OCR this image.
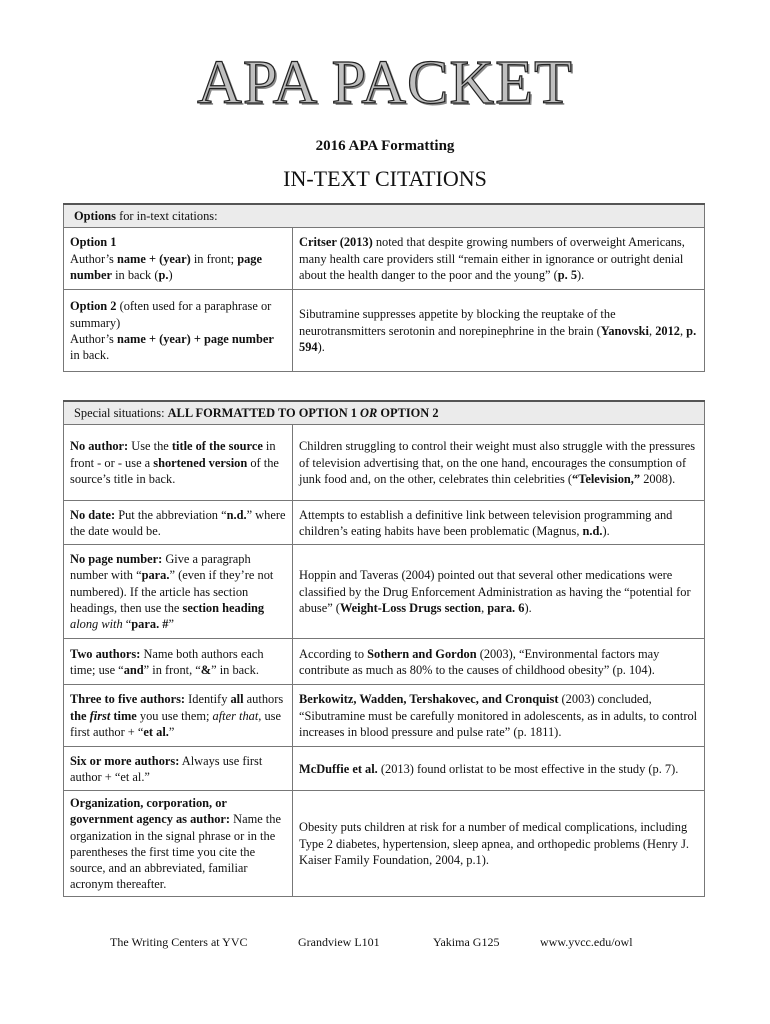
APA PACKET
2016 APA Formatting
IN-TEXT CITATIONS
Options for in-text citations:	
Option 1
Author’s name + (year) in front; page number in back (p.)	Critser (2013) noted that despite growing numbers of overweight Americans, many health care providers still “remain either in ignorance or outright denial about the health danger to the poor and the young” (p. 5).
Option 2 (often used for a paraphrase or summary)
Author’s name + (year) + page number in back.	Sibutramine suppresses appetite by blocking the reuptake of the neurotransmitters serotonin and norepinephrine in the brain (Yanovski, 2012, p. 594).
Special situations: ALL FORMATTED TO OPTION 1 OR OPTION 2	
No author: Use the title of the source in front - or - use a shortened version of the source’s title in back.	Children struggling to control their weight must also struggle with the pressures of television advertising that, on the one hand, encourages the consumption of junk food and, on the other, celebrates thin celebrities (“Television,” 2008).
No date: Put the abbreviation “n.d.” where the date would be.	Attempts to establish a definitive link between television programming and children’s eating habits have been problematic (Magnus, n.d.).
No page number: Give a paragraph number with “para.” (even if they’re not numbered). If the article has section headings, then use the section heading along with “para. #”	Hoppin and Taveras (2004) pointed out that several other medications were classified by the Drug Enforcement Administration as having the “potential for abuse” (Weight-Loss Drugs section, para. 6).
Two authors: Name both authors each time; use “and” in front, “&” in back.	According to Sothern and Gordon (2003), “Environmental factors may contribute as much as 80% to the causes of childhood obesity” (p. 104).
Three to five authors: Identify all authors the first time you use them; after that, use first author + “et al.”	Berkowitz, Wadden, Tershakovec, and Cronquist (2003) concluded, “Sibutramine must be carefully monitored in adolescents, as in adults, to control increases in blood pressure and pulse rate” (p. 1811).
Six or more authors: Always use first author + “et al.”	McDuffie et al. (2013) found orlistat to be most effective in the study (p. 7).
Organization, corporation, or government agency as author: Name the organization in the signal phrase or in the parentheses the first time you cite the source, and an abbreviated, familiar acronym thereafter.	Obesity puts children at risk for a number of medical complications, including Type 2 diabetes, hypertension, sleep apnea, and orthopedic problems (Henry J. Kaiser Family Foundation, 2004, p.1).
The Writing Centers at YVC	Grandview L101	Yakima G125	www.yvcc.edu/owl
